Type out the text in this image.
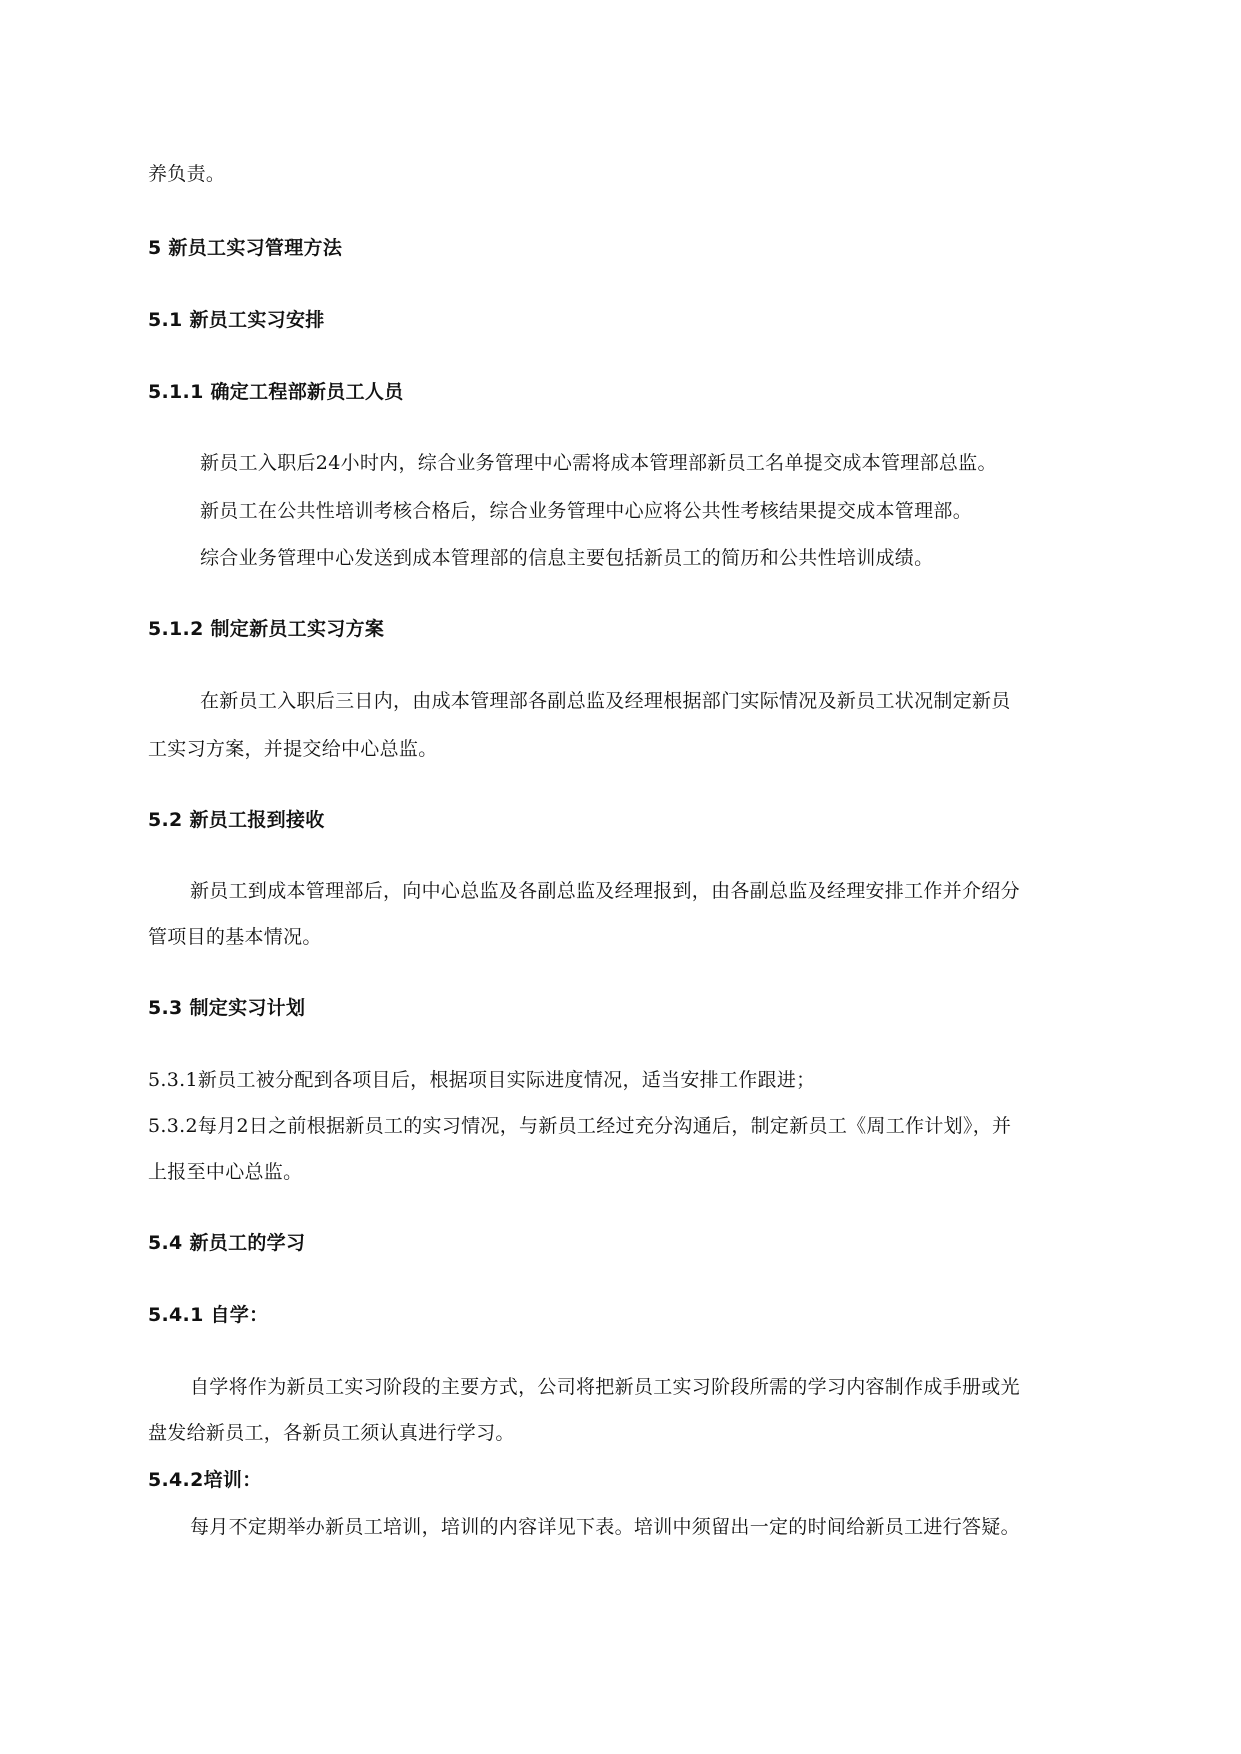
养负责。
5 新员工实习管理方法
5.1 新员工实习安排
5.1.1 确定工程部新员工人员
新员工入职后24小时内，综合业务管理中心需将成本管理部新员工名单提交成本管理部总监。
新员工在公共性培训考核合格后，综合业务管理中心应将公共性考核结果提交成本管理部。
综合业务管理中心发送到成本管理部的信息主要包括新员工的简历和公共性培训成绩。
5.1.2 制定新员工实习方案
在新员工入职后三日内，由成本管理部各副总监及经理根据部门实际情况及新员工状况制定新员
工实习方案，并提交给中心总监。
5.2 新员工报到接收
新员工到成本管理部后，向中心总监及各副总监及经理报到，由各副总监及经理安排工作并介绍分
管项目的基本情况。
5.3 制定实习计划
5.3.1新员工被分配到各项目后，根据项目实际进度情况，适当安排工作跟进；
5.3.2每月2日之前根据新员工的实习情况，与新员工经过充分沟通后，制定新员工《周工作计划》，并
上报至中心总监。
5.4 新员工的学习
5.4.1 自学：
自学将作为新员工实习阶段的主要方式，公司将把新员工实习阶段所需的学习内容制作成手册或光
盘发给新员工，各新员工须认真进行学习。
5.4.2培训：
每月不定期举办新员工培训，培训的内容详见下表。培训中须留出一定的时间给新员工进行答疑。
